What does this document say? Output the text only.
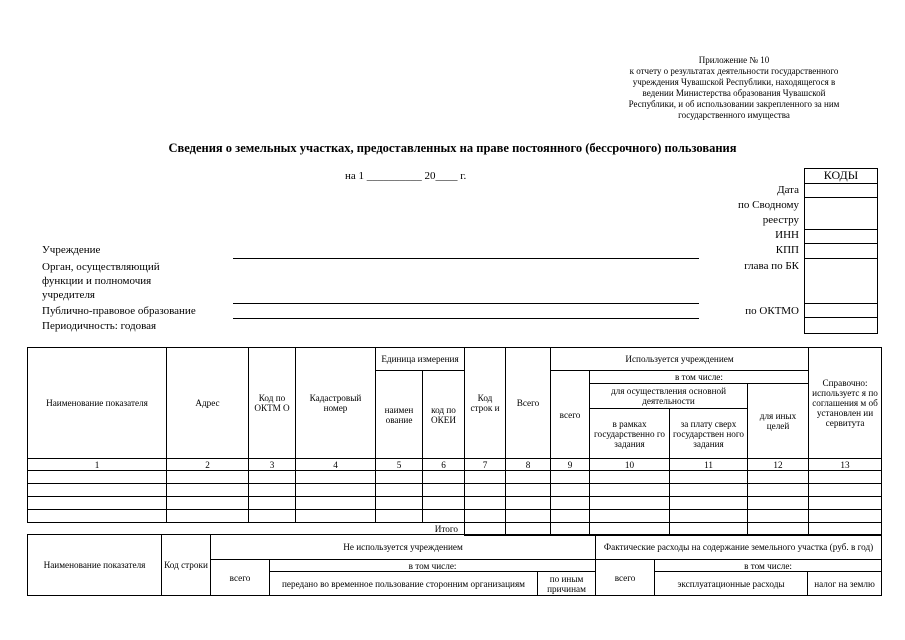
Приложение № 10
к отчету о результатах деятельности государственного
учреждения Чувашской Республики, находящегося в
ведении Министерства образования Чувашской
Республики, и об использовании закрепленного за ним
государственного имущества
Сведения о земельных участках, предоставленных на праве постоянного (бессрочного) пользования
на 1 __________ 20____ г.	КОДЫ
Дата
по Сводному
реестру
ИНН
КПП
глава по БК
по ОКТМО
Учреждение
Орган, осуществляющий
функции и полномочия
учредителя
Публично-правовое образование
Периодичность: годовая
Наименование показателя	Адрес	Код по ОКТМ О	Кадастровый номер	Единица измерения		Код строк и	Всего	Используется учреждением				Справочно: используетс я по соглашения м об установлен ии сервитута
				наимен ование	код по ОКЕИ			всего	в том числе:			
									для осуществления основной деятельности		для иных целей	
									в рамках государственно го задания	за плату сверх государствен ного задания		
1	2	3	4	5	6	7	8	9	10	11	12	13

Итого												
Наименование показателя	Код строки	Не используется учреждением			Фактические расходы на содержание земельного участка (руб. в год)		
		всего	в том числе:		всего	в том числе:	
			передано во временное пользование сторонним организациям	по иным причинам		эксплуатационные расходы	налог на землю
